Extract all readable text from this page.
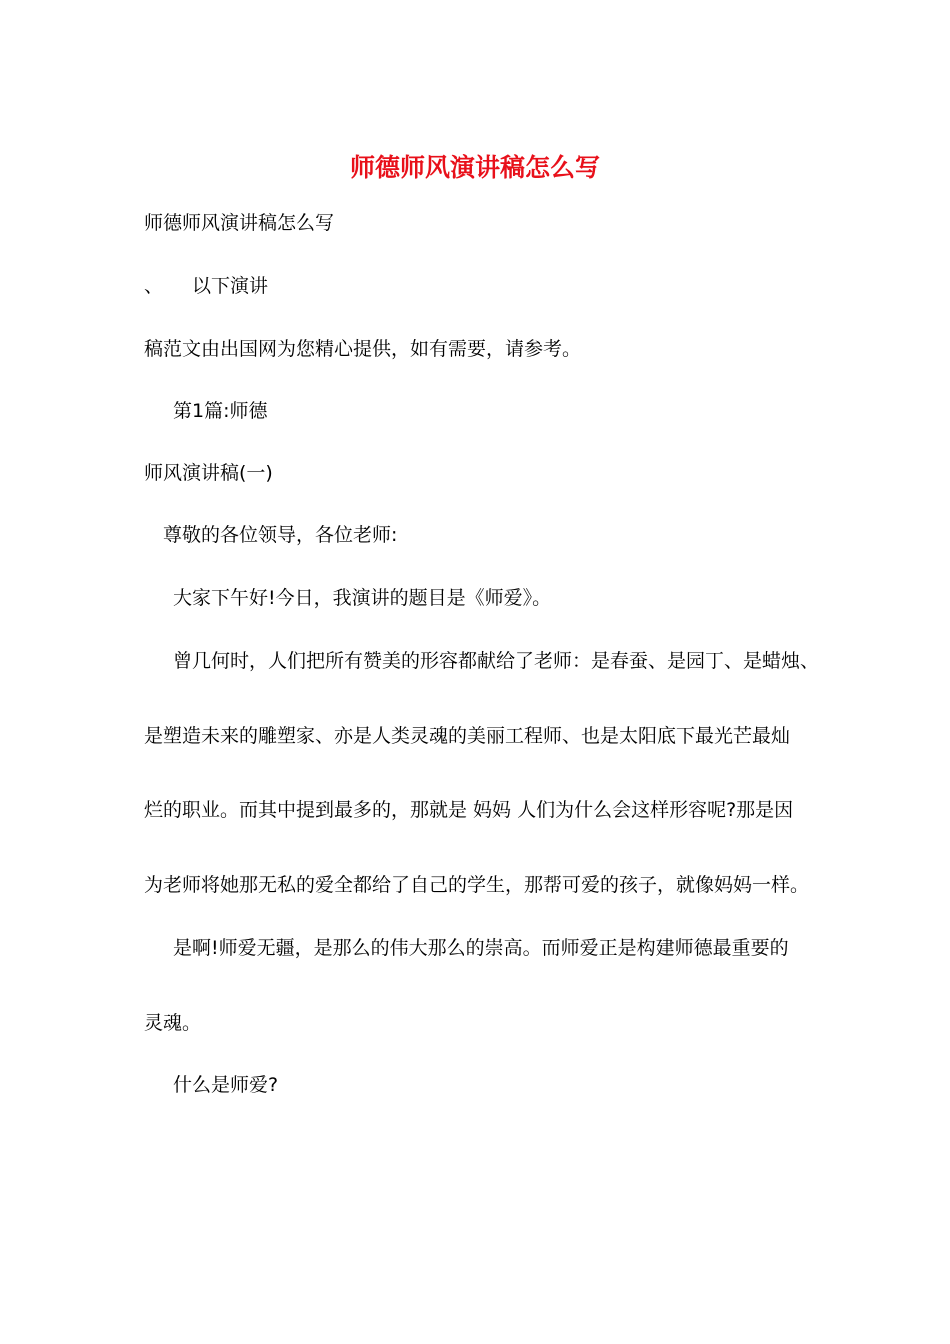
师德师风演讲稿怎么写
师德师风演讲稿怎么写
、 以下演讲
稿范文由出国网为您精心提供，如有需要，请参考。
第1篇:师德
师风演讲稿(一)
尊敬的各位领导，各位老师:
大家下午好!今日，我演讲的题目是《师爱》。
曾几何时，人们把所有赞美的形容都献给了老师：是春蚕、是园丁、是蜡烛、
是塑造未来的雕塑家、亦是人类灵魂的美丽工程师、也是太阳底下最光芒最灿
烂的职业。而其中提到最多的，那就是 妈妈 人们为什么会这样形容呢?那是因
为老师将她那无私的爱全都给了自己的学生，那帮可爱的孩子，就像妈妈一样。
是啊!师爱无疆，是那么的伟大那么的崇高。而师爱正是构建师德最重要的
灵魂。
什么是师爱?
